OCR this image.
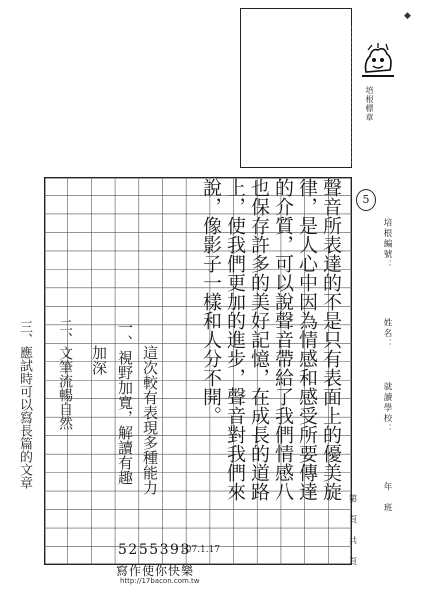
培根標章
◆
培根編號：
姓名：
就讀學校：
年　班
第　頁　共　頁
5
聲音所表達的不是只有表面上的優美旋
律，是人心中因為情感和感受所要傳達
的介質，可以說聲音帶給了我們情感八
也保存許多的美好記憶，在成長的道路
上，使我們更加的進步，聲音對我們來
說，像影子一樣和人分不開。
這次較有表現多種能力
一、視野加寬，解讀有趣
加深
二、文筆流暢自然
三、應試時可以寫長篇的文章
107.1.17
5255393
寫作使你快樂
http://17bacon.com.tw
